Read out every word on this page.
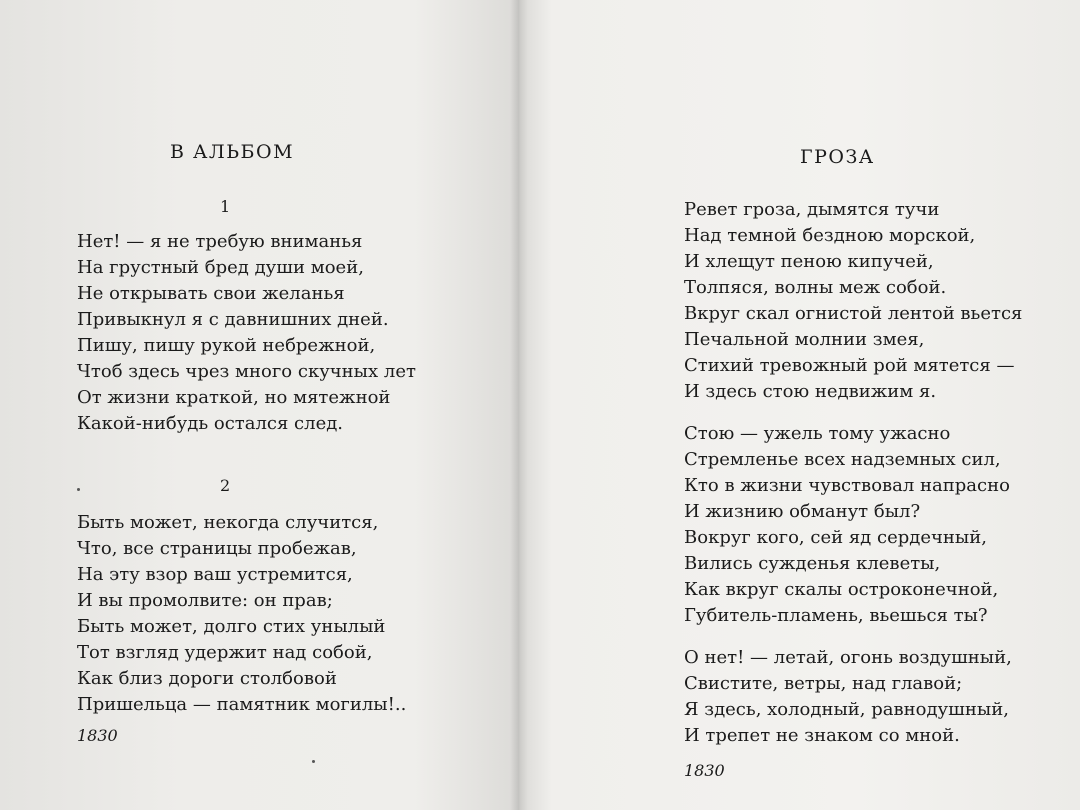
В АЛЬБОМ
1
Нет! — я не требую вниманья
На грустный бред души моей,
Не открывать свои желанья
Привыкнул я с давнишних дней.
Пишу, пишу рукой небрежной,
Чтоб здесь чрез много скучных лет
От жизни краткой, но мятежной
Какой-нибудь остался след.
2
Быть может, некогда случится,
Что, все страницы пробежав,
На эту взор ваш устремится,
И вы промолвите: он прав;
Быть может, долго стих унылый
Тот взгляд удержит над собой,
Как близ дороги столбовой
Пришельца — памятник могилы!..
1830
ГРОЗА
Ревет гроза, дымятся тучи
Над темной бездною морской,
И хлещут пеною кипучей,
Толпяся, волны меж собой.
Вкруг скал огнистой лентой вьется
Печальной молнии змея,
Стихий тревожный рой мятется —
И здесь стою недвижим я.
Стою — ужель тому ужасно
Стремленье всех надземных сил,
Кто в жизни чувствовал напрасно
И жизнию обманут был?
Вокруг кого, сей яд сердечный,
Вились сужденья клеветы,
Как вкруг скалы остроконечной,
Губитель-пламень, вьешься ты?
О нет! — летай, огонь воздушный,
Свистите, ветры, над главой;
Я здесь, холодный, равнодушный,
И трепет не знаком со мной.
1830
